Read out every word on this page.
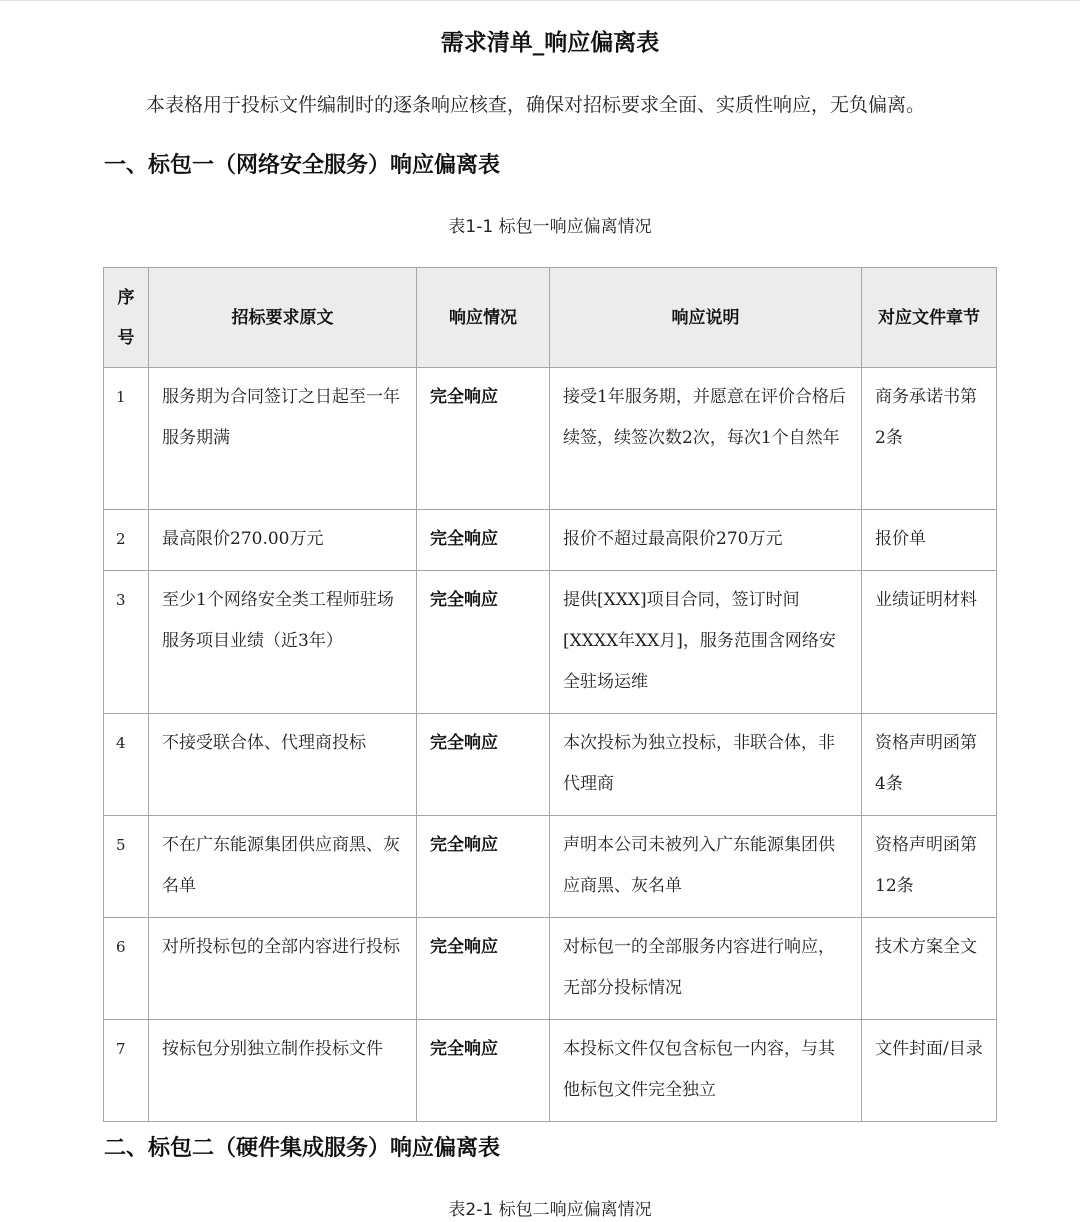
需求清单_响应偏离表
本表格用于投标文件编制时的逐条响应核查，确保对招标要求全面、实质性响应，无负偏离。
一、标包一（网络安全服务）响应偏离表
表1-1 标包一响应偏离情况
序号	招标要求原文	响应情况	响应说明	对应文件章节
1	服务期为合同签订之日起至一年服务期满	完全响应	接受1年服务期，并愿意在评价合格后续签，续签次数2次，每次1个自然年	商务承诺书第2条
2	最高限价270.00万元	完全响应	报价不超过最高限价270万元	报价单
3	至少1个网络安全类工程师驻场服务项目业绩（近3年）	完全响应	提供[XXX]项目合同，签订时间[XXXX年XX月]，服务范围含网络安全驻场运维	业绩证明材料
4	不接受联合体、代理商投标	完全响应	本次投标为独立投标，非联合体，非代理商	资格声明函第4条
5	不在广东能源集团供应商黑、灰名单	完全响应	声明本公司未被列入广东能源集团供应商黑、灰名单	资格声明函第12条
6	对所投标包的全部内容进行投标	完全响应	对标包一的全部服务内容进行响应，无部分投标情况	技术方案全文
7	按标包分别独立制作投标文件	完全响应	本投标文件仅包含标包一内容，与其他标包文件完全独立	文件封面/目录
二、标包二（硬件集成服务）响应偏离表
表2-1 标包二响应偏离情况
